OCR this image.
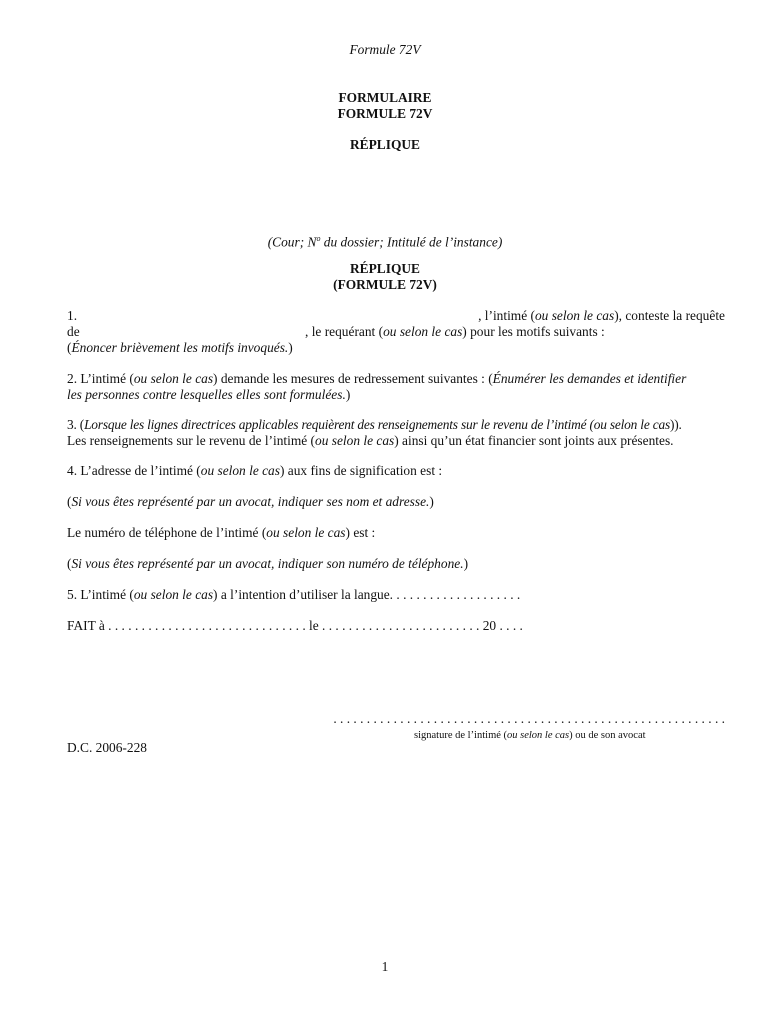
Formule 72V
FORMULAIRE
FORMULE 72V
RÉPLIQUE
(Cour; $N^o$ du dossier; Intitulé de l’instance)
RÉPLIQUE
(FORMULE 72V)
1.	, l’intimé (ou selon le cas), conteste la requête
de	, le requérant (ou selon le cas) pour les motifs suivants :
(Énoncer brièvement les motifs invoqués.)
2. L’intimé (ou selon le cas) demande les mesures de redressement suivantes : (Énumérer les demandes et identifier
les personnes contre lesquelles elles sont formulées.)
3. (Lorsque les lignes directrices applicables requièrent des renseignements sur le revenu de l’intimé (ou selon le cas)).
Les renseignements sur le revenu de l’intimé (ou selon le cas) ainsi qu’un état financier sont joints aux présentes.
4. L’adresse de l’intimé (ou selon le cas) aux fins de signification est :
(Si vous êtes représenté par un avocat, indiquer ses nom et adresse.)
Le numéro de téléphone de l’intimé (ou selon le cas) est :
(Si vous êtes représenté par un avocat, indiquer son numéro de téléphone.)
5. L’intimé (ou selon le cas) a l’intention d’utiliser la langue. . . . . . . . . . . . . . . . . . . .
FAIT à . . . . . . . . . . . . . . . . . . . . . . . . . . . . . . le . . . . . . . . . . . . . . . . . . . . . . . . 20 . . . .
. . . . . . . . . . . . . . . . . . . . . . . . . . . . . . . . . . . . . . . . . . . . . . . . . . . . . . . . . . .
signature de l’intimé (ou selon le cas) ou de son avocat
D.C. 2006-228
1
